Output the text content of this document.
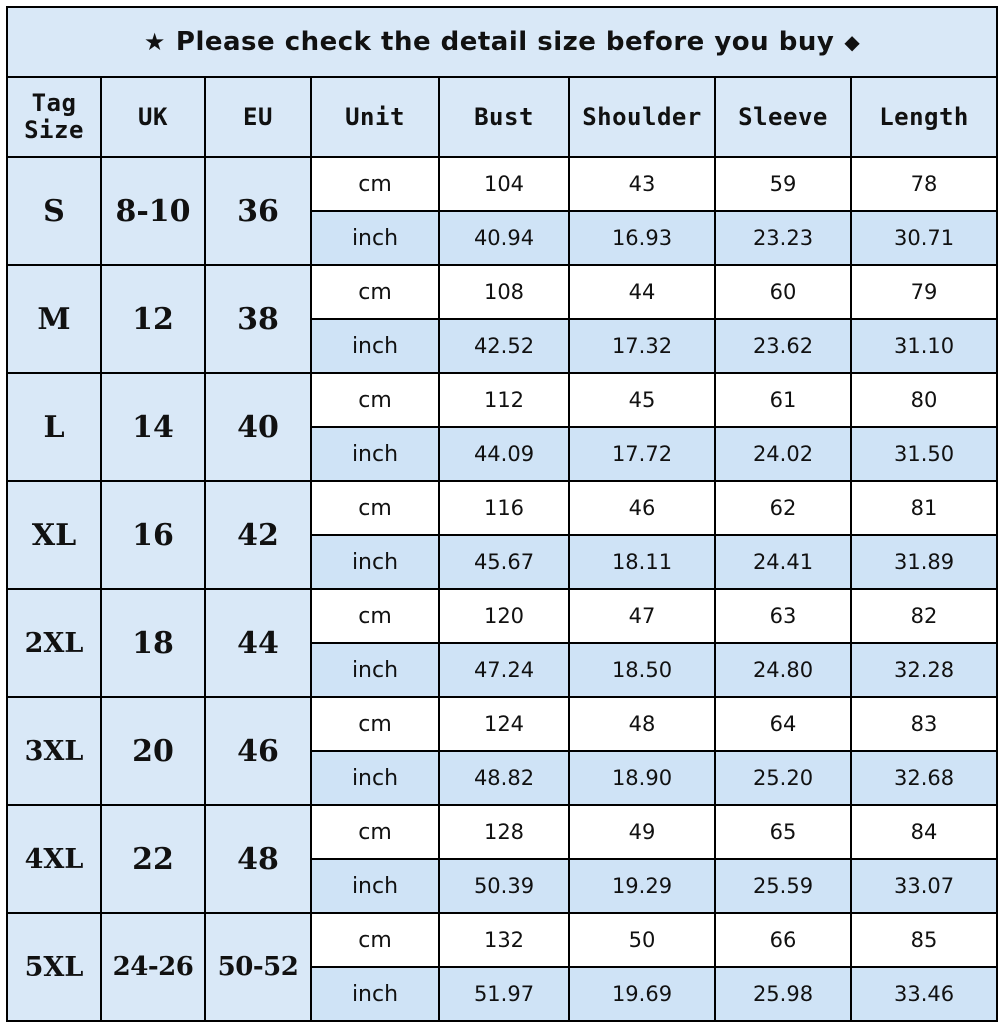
★ Please check the detail size before you buy ◆							

Tag
Size	UK	EU	Unit	Bust	Shoulder	Sleeve	Length
S	8-10	36	cm	104	43	59	78
			inch	40.94	16.93	23.23	30.71
M	12	38	cm	108	44	60	79
			inch	42.52	17.32	23.62	31.10
L	14	40	cm	112	45	61	80
			inch	44.09	17.72	24.02	31.50
XL	16	42	cm	116	46	62	81
			inch	45.67	18.11	24.41	31.89
2XL	18	44	cm	120	47	63	82
			inch	47.24	18.50	24.80	32.28
3XL	20	46	cm	124	48	64	83
			inch	48.82	18.90	25.20	32.68
4XL	22	48	cm	128	49	65	84
			inch	50.39	19.29	25.59	33.07
5XL	24-26	50-52	cm	132	50	66	85
			inch	51.97	19.69	25.98	33.46
